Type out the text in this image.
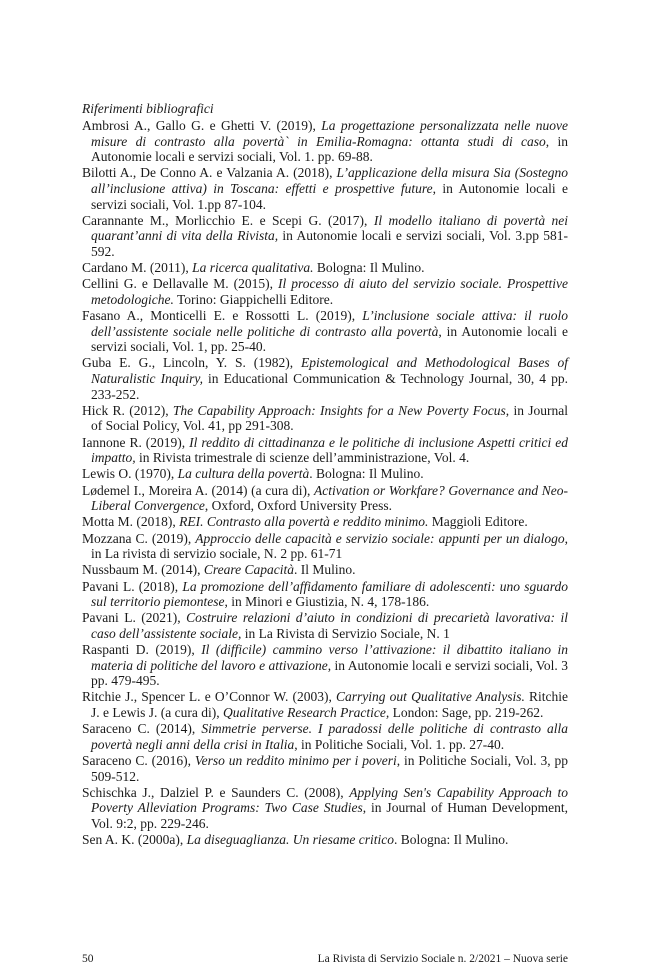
Riferimenti bibliografici
Ambrosi A., Gallo G. e Ghetti V. (2019), La progettazione personalizzata nelle nuove misure di contrasto alla povertà` in Emilia-Romagna: ottanta studi di caso, in Autonomie locali e servizi sociali, Vol. 1. pp. 69-88.
Bilotti A., De Conno A. e Valzania A. (2018), L’applicazione della misura Sia (Sostegno all’inclusione attiva) in Toscana: effetti e prospettive future, in Autonomie locali e servizi sociali, Vol. 1.pp 87-104.
Carannante M., Morlicchio E. e Scepi G. (2017), Il modello italiano di povertà nei quarant’anni di vita della Rivista, in Autonomie locali e servizi sociali, Vol. 3.pp 581-592.
Cardano M. (2011), La ricerca qualitativa. Bologna: Il Mulino.
Cellini G. e Dellavalle M. (2015), Il processo di aiuto del servizio sociale. Prospettive metodologiche. Torino: Giappichelli Editore.
Fasano A., Monticelli E. e Rossotti L. (2019), L’inclusione sociale attiva: il ruolo dell’assistente sociale nelle politiche di contrasto alla povertà, in Autonomie locali e servizi sociali, Vol. 1, pp. 25-40.
Guba E. G., Lincoln, Y. S. (1982), Epistemological and Methodological Bases of Naturalistic Inquiry, in Educational Communication & Technology Journal, 30, 4 pp. 233-252.
Hick R. (2012), The Capability Approach: Insights for a New Poverty Focus, in Journal of Social Policy, Vol. 41, pp 291-308.
Iannone R. (2019), Il reddito di cittadinanza e le politiche di inclusione Aspetti critici ed impatto, in Rivista trimestrale di scienze dell’amministrazione, Vol. 4.
Lewis O. (1970), La cultura della povertà. Bologna: Il Mulino.
Lødemel I., Moreira A. (2014) (a cura di), Activation or Workfare? Governance and Neo-Liberal Convergence, Oxford, Oxford University Press.
Motta M. (2018), REI. Contrasto alla povertà e reddito minimo. Maggioli Editore.
Mozzana C. (2019), Approccio delle capacità e servizio sociale: appunti per un dialogo, in La rivista di servizio sociale, N. 2 pp. 61-71
Nussbaum M. (2014), Creare Capacità. Il Mulino.
Pavani L. (2018), La promozione dell’affidamento familiare di adolescenti: uno sguardo sul territorio piemontese, in Minori e Giustizia, N. 4, 178-186.
Pavani L. (2021), Costruire relazioni d’aiuto in condizioni di precarietà lavorativa: il caso dell’assistente sociale, in La Rivista di Servizio Sociale, N. 1
Raspanti D. (2019), Il (difficile) cammino verso l’attivazione: il dibattito italiano in materia di politiche del lavoro e attivazione, in Autonomie locali e servizi sociali, Vol. 3 pp. 479-495.
Ritchie J., Spencer L. e O’Connor W. (2003), Carrying out Qualitative Analysis. Ritchie J. e Lewis J. (a cura di), Qualitative Research Practice, London: Sage, pp. 219-262.
Saraceno C. (2014), Simmetrie perverse. I paradossi delle politiche di contrasto alla povertà negli anni della crisi in Italia, in Politiche Sociali, Vol. 1. pp. 27-40.
Saraceno C. (2016), Verso un reddito minimo per i poveri, in Politiche Sociali, Vol. 3, pp 509-512.
Schischka J., Dalziel P. e Saunders C. (2008), Applying Sen's Capability Approach to Poverty Alleviation Programs: Two Case Studies, in Journal of Human Development, Vol. 9:2, pp. 229-246.
Sen A. K. (2000a), La diseguaglianza. Un riesame critico. Bologna: Il Mulino.
50	La Rivista di Servizio Sociale n. 2/2021 – Nuova serie
